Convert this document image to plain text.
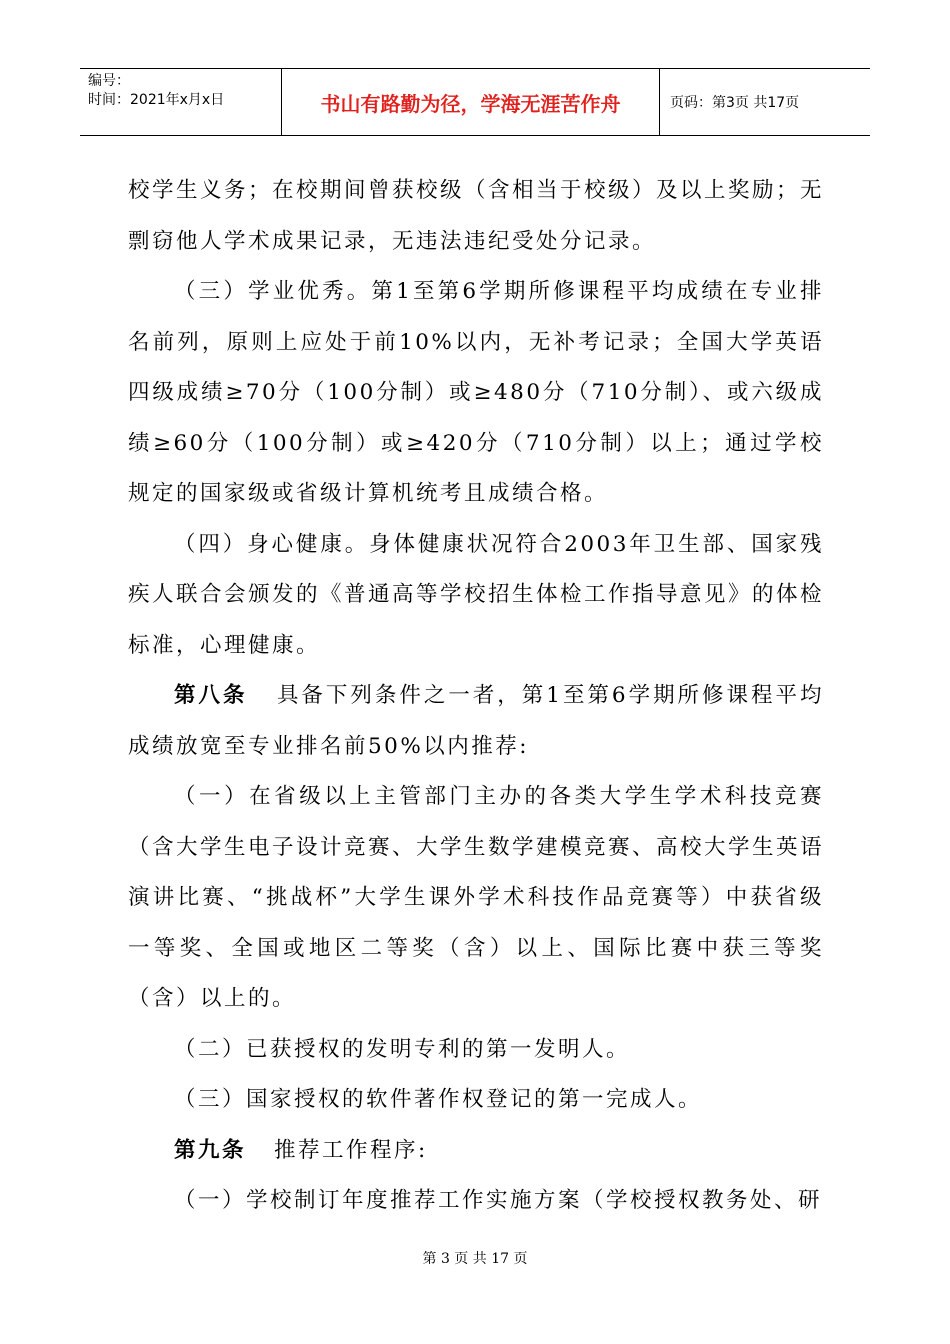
编号：
时间：2021年x月x日	书山有路勤为径，学海无涯苦作舟	页码：第3页 共17页

校学生义务；在校期间曾获校级（含相当于校级）及以上奖励；无剽窃他人学术成果记录，无违法违纪受处分记录。

（三）学业优秀。第1至第6学期所修课程平均成绩在专业排名前列，原则上应处于前10%以内，无补考记录；全国大学英语四级成绩≥70分（100分制）或≥480分（710分制）、或六级成绩≥60分（100分制）或≥420分（710分制）以上；通过学校规定的国家级或省级计算机统考且成绩合格。

（四）身心健康。身体健康状况符合2003年卫生部、国家残疾人联合会颁发的《普通高等学校招生体检工作指导意见》的体检标准，心理健康。

第八条 具备下列条件之一者，第1至第6学期所修课程平均成绩放宽至专业排名前50%以内推荐:

（一）在省级以上主管部门主办的各类大学生学术科技竞赛（含大学生电子设计竞赛、大学生数学建模竞赛、高校大学生英语演讲比赛、“挑战杯”大学生课外学术科技作品竞赛等）中获省级一等奖、全国或地区二等奖（含）以上、国际比赛中获三等奖（含）以上的。

（二）已获授权的发明专利的第一发明人。

（三）国家授权的软件著作权登记的第一完成人。

第九条 推荐工作程序:

（一）学校制订年度推荐工作实施方案（学校授权教务处、研

第 3 页 共 17 页
